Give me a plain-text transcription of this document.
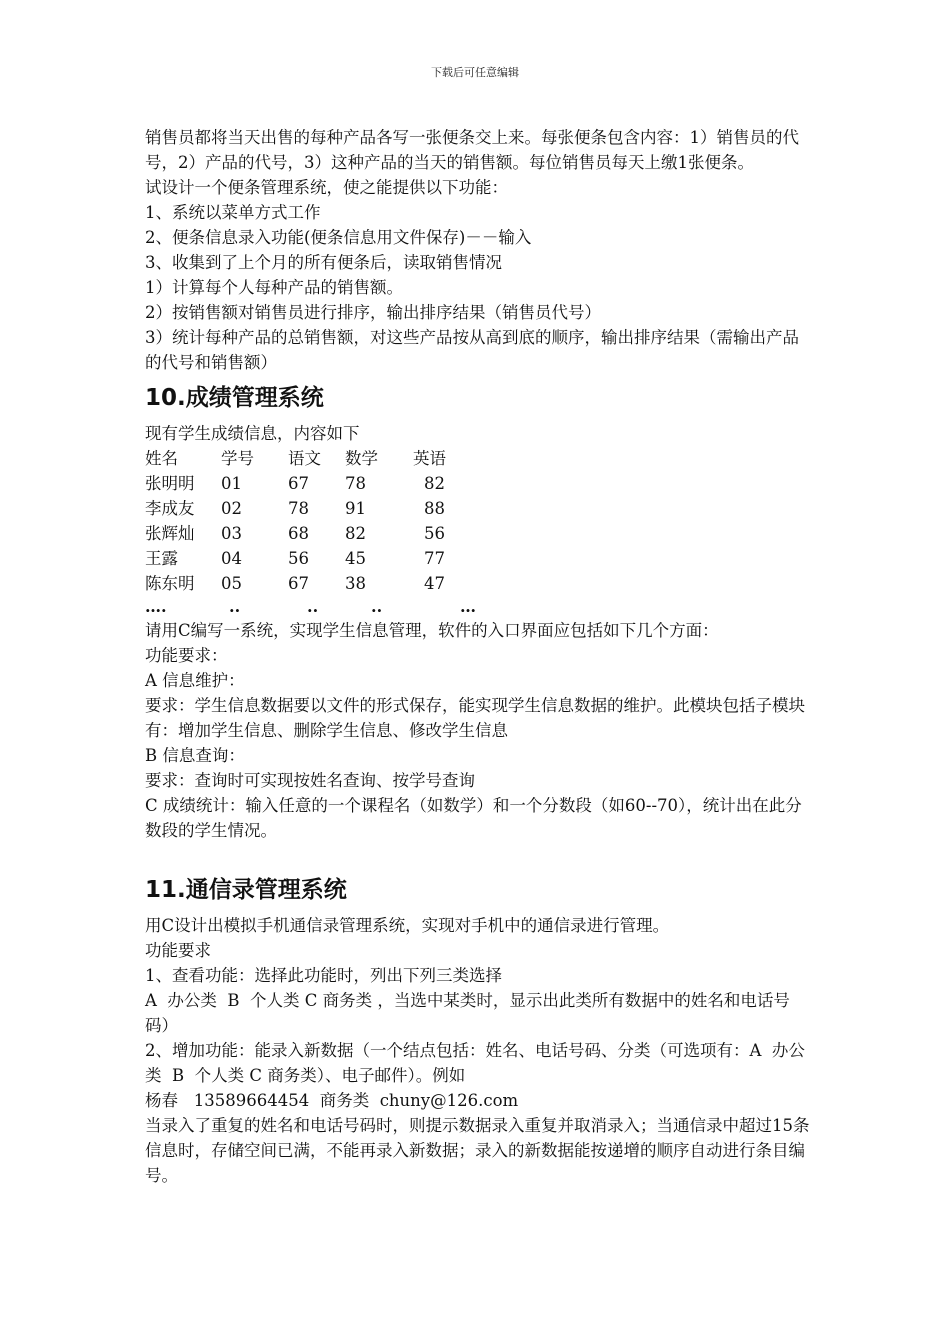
下载后可任意编辑
销售员都将当天出售的每种产品各写一张便条交上来。每张便条包含内容：1）销售员的代号，2）产品的代号，3）这种产品的当天的销售额。每位销售员每天上缴1张便条。
试设计一个便条管理系统，使之能提供以下功能：
1、系统以菜单方式工作
2、便条信息录入功能(便条信息用文件保存)－－输入
3、收集到了上个月的所有便条后，读取销售情况
1）计算每个人每种产品的销售额。
2）按销售额对销售员进行排序，输出排序结果（销售员代号）
3）统计每种产品的总销售额，对这些产品按从高到底的顺序，输出排序结果（需输出产品的代号和销售额）
10.成绩管理系统
现有学生成绩信息，内容如下
姓名	学号 语文 数学 英语
张明明 01	67 78	82
李成友 02	78 91	88
张辉灿 03	68 82	56
王露	04	56 45	77
陈东明 05	67 38	47
….	..	..	..	…
请用C编写一系统，实现学生信息管理，软件的入口界面应包括如下几个方面：
功能要求：
A 信息维护：
要求：学生信息数据要以文件的形式保存，能实现学生信息数据的维护。此模块包括子模块有：增加学生信息、删除学生信息、修改学生信息
B 信息查询：
要求：查询时可实现按姓名查询、按学号查询
C 成绩统计：输入任意的一个课程名（如数学）和一个分数段（如60--70），统计出在此分数段的学生情况。
11.通信录管理系统
用C设计出模拟手机通信录管理系统，实现对手机中的通信录进行管理。
功能要求
1、查看功能：选择此功能时，列出下列三类选择
A  办公类  B  个人类 C 商务类 ，当选中某类时，显示出此类所有数据中的姓名和电话号码）
2、增加功能：能录入新数据（一个结点包括：姓名、电话号码、分类（可选项有：A  办公类  B  个人类 C 商务类）、电子邮件）。例如
杨春   13589664454  商务类  chuny@126.com
当录入了重复的姓名和电话号码时，则提示数据录入重复并取消录入；当通信录中超过15条信息时，存储空间已满，不能再录入新数据；录入的新数据能按递增的顺序自动进行条目编号。
